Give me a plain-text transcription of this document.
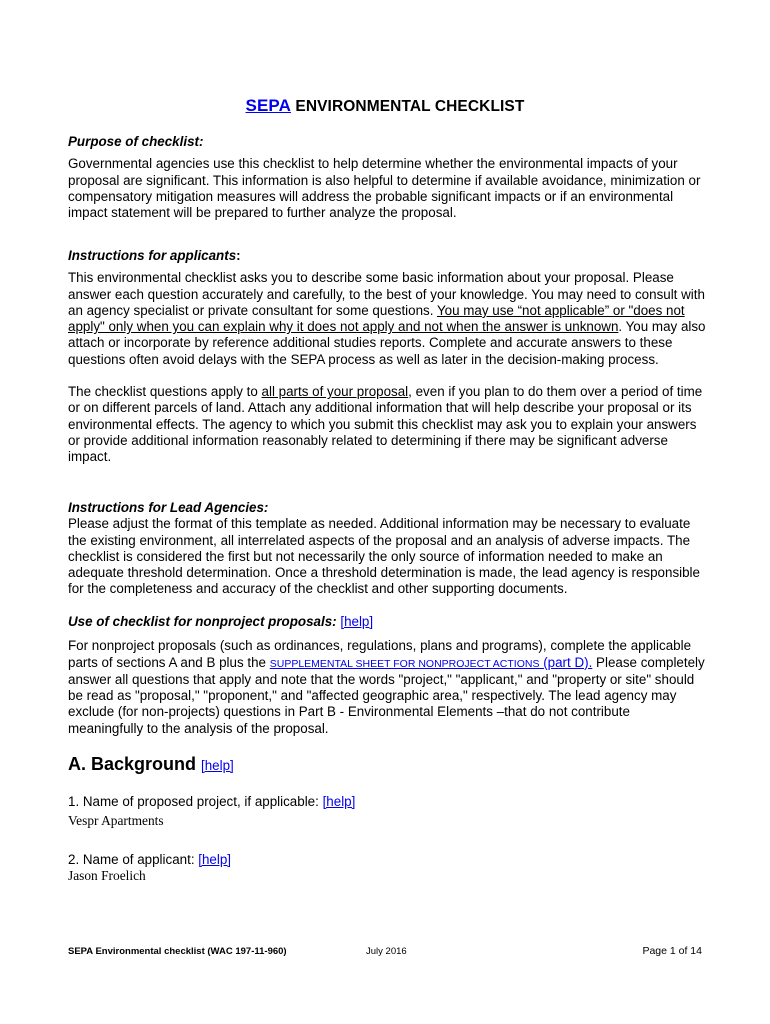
SEPA ENVIRONMENTAL CHECKLIST

Purpose of checklist:

Governmental agencies use this checklist to help determine whether the environmental impacts of your proposal are significant. This information is also helpful to determine if available avoidance, minimization or compensatory mitigation measures will address the probable significant impacts or if an environmental impact statement will be prepared to further analyze the proposal.

Instructions for applicants:

This environmental checklist asks you to describe some basic information about your proposal. Please answer each question accurately and carefully, to the best of your knowledge. You may need to consult with an agency specialist or private consultant for some questions. You may use “not applicable” or "does not apply" only when you can explain why it does not apply and not when the answer is unknown. You may also attach or incorporate by reference additional studies reports. Complete and accurate answers to these questions often avoid delays with the SEPA process as well as later in the decision-making process.

The checklist questions apply to all parts of your proposal, even if you plan to do them over a period of time or on different parcels of land. Attach any additional information that will help describe your proposal or its environmental effects. The agency to which you submit this checklist may ask you to explain your answers or provide additional information reasonably related to determining if there may be significant adverse impact.

Instructions for Lead Agencies:

Please adjust the format of this template as needed. Additional information may be necessary to evaluate the existing environment, all interrelated aspects of the proposal and an analysis of adverse impacts. The checklist is considered the first but not necessarily the only source of information needed to make an adequate threshold determination. Once a threshold determination is made, the lead agency is responsible for the completeness and accuracy of the checklist and other supporting documents.

Use of checklist for nonproject proposals: [help]

For nonproject proposals (such as ordinances, regulations, plans and programs), complete the applicable parts of sections A and B plus the SUPPLEMENTAL SHEET FOR NONPROJECT ACTIONS (part D). Please completely answer all questions that apply and note that the words "project," "applicant," and "property or site" should be read as "proposal," "proponent," and "affected geographic area," respectively. The lead agency may exclude (for non-projects) questions in Part B - Environmental Elements –that do not contribute meaningfully to the analysis of the proposal.

A. Background [help]

1. Name of proposed project, if applicable: [help]

Vespr Apartments

2. Name of applicant: [help]

Jason Froelich

SEPA Environmental checklist (WAC 197-11-960)	July 2016	Page 1 of 14
